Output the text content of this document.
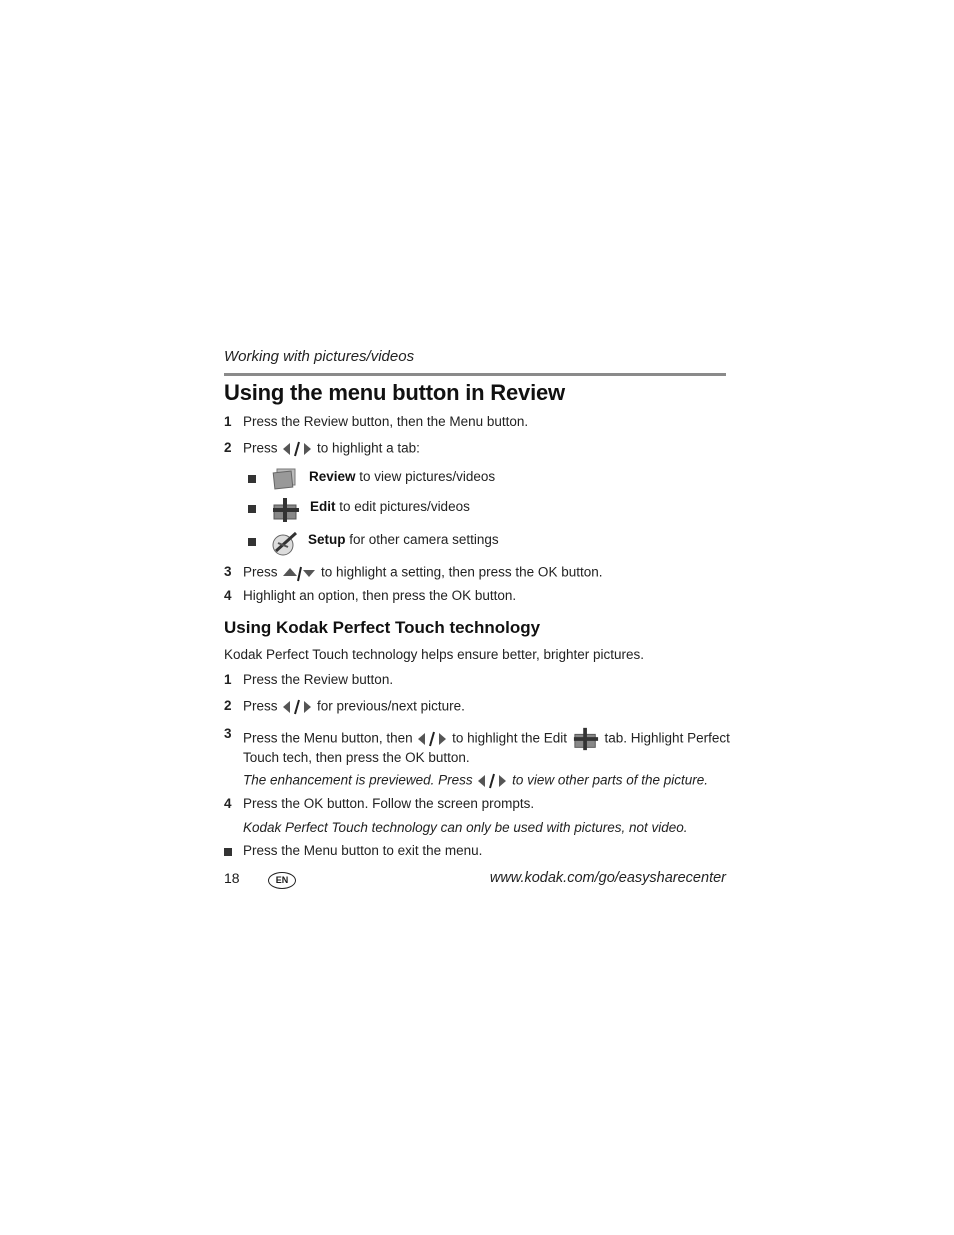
Working with pictures/videos
Using the menu button in Review
1 Press the Review button, then the Menu button.
2 Press	to highlight a tab:
Review to view pictures/videos
Edit to edit pictures/videos
Setup for other camera settings
3 Press	to highlight a setting, then press the OK button.
4 Highlight an option, then press the OK button.
Using Kodak Perfect Touch technology
Kodak Perfect Touch technology helps ensure better, brighter pictures.
1 Press the Review button.
2 Press	for previous/next picture.
3 Press the Menu button, then	to highlight the Edit	tab. Highlight Perfect
Touch tech, then press the OK button.
The enhancement is previewed. Press	to view other parts of the picture.
4 Press the OK button. Follow the screen prompts.
Kodak Perfect Touch technology can only be used with pictures, not video.
Press the Menu button to exit the menu.
18	EN	www.kodak.com/go/easysharecenter
